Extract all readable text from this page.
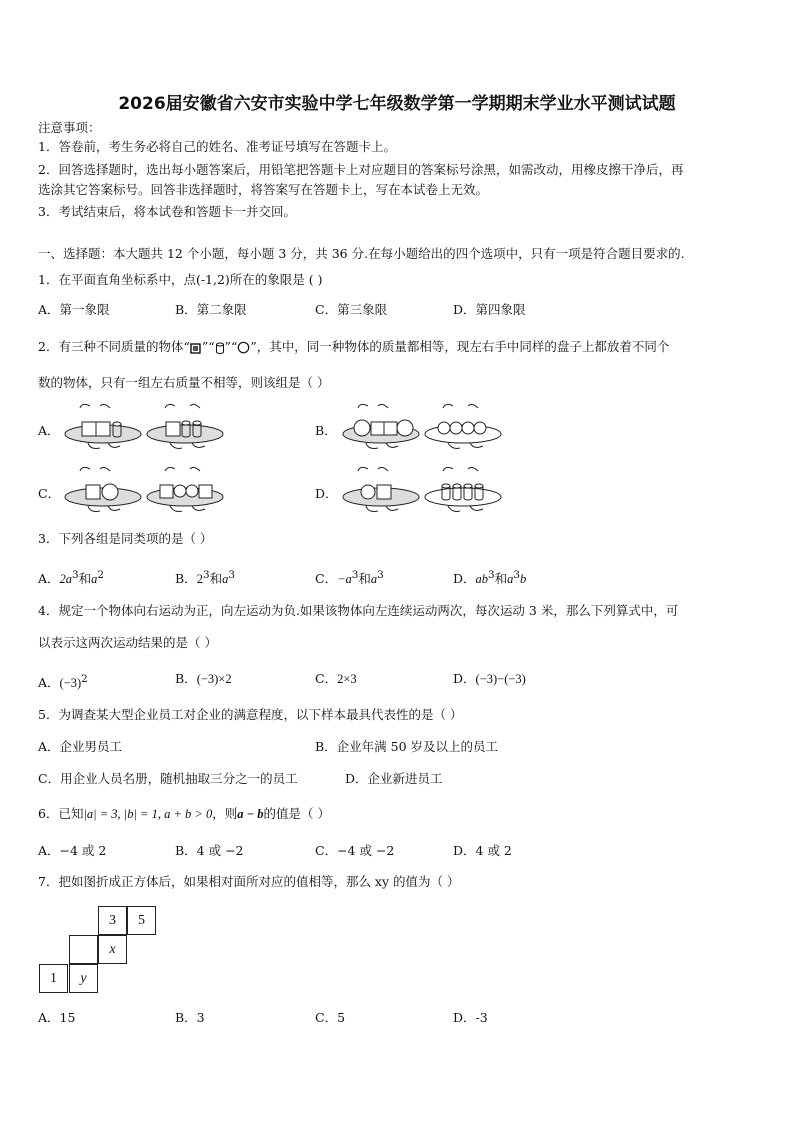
2026届安徽省六安市实验中学七年级数学第一学期期末学业水平测试试题
注意事项：
1．答卷前，考生务必将自己的姓名、准考证号填写在答题卡上。
2．回答选择题时，选出每小题答案后，用铅笔把答题卡上对应题目的答案标号涂黑，如需改动，用橡皮擦干净后，再
选涂其它答案标号。回答非选择题时，将答案写在答题卡上，写在本试卷上无效。
3．考试结束后，将本试卷和答题卡一并交回。
一、选择题：本大题共 12 个小题，每小题 3 分，共 36 分.在每小题给出的四个选项中，只有一项是符合题目要求的.
1．在平面直角坐标系中，点(-1,2)所在的象限是 ( )
A．第一象限	B．第二象限	C．第三象限	D．第四象限
2．有三种不同质量的物体“ ”“ ”“ ”，其中，同一种物体的质量都相等，现左右手中同样的盘子上都放着不同个
数的物体，只有一组左右质量不相等，则该组是（ ）
A．	B．
C．	D．
3．下列各组是同类项的是（ ）
A．$2a^3$和$a^2$	B．$2^3$和$a^3$	C．$-a^3$和$a^3$	D．$ab^3$和$a^3b$
4．规定一个物体向右运动为正，向左运动为负.如果该物体向左连续运动两次，每次运动 3 米，那么下列算式中，可
以表示这两次运动结果的是（ ）
A．$(-3)^2$	B．(−3)×2	C．2×3	D．(−3)−(−3)
5．为调查某大型企业员工对企业的满意程度，以下样本最具代表性的是（ ）
A．企业男员工	B．企业年满 50 岁及以上的员工
C．用企业人员名册，随机抽取三分之一的员工	D．企业新进员工
6．已知|a| = 3, |b| = 1, a + b > 0，则a − b的值是（ ）
A．−4 或 2	B．4 或 −2	C．−4 或 −2	D．4 或 2
7．把如图折成正方体后，如果相对面所对应的值相等，那么 xy 的值为（ ）
3	5
x
1	y
A．15	B．3	C．5	D．-3
